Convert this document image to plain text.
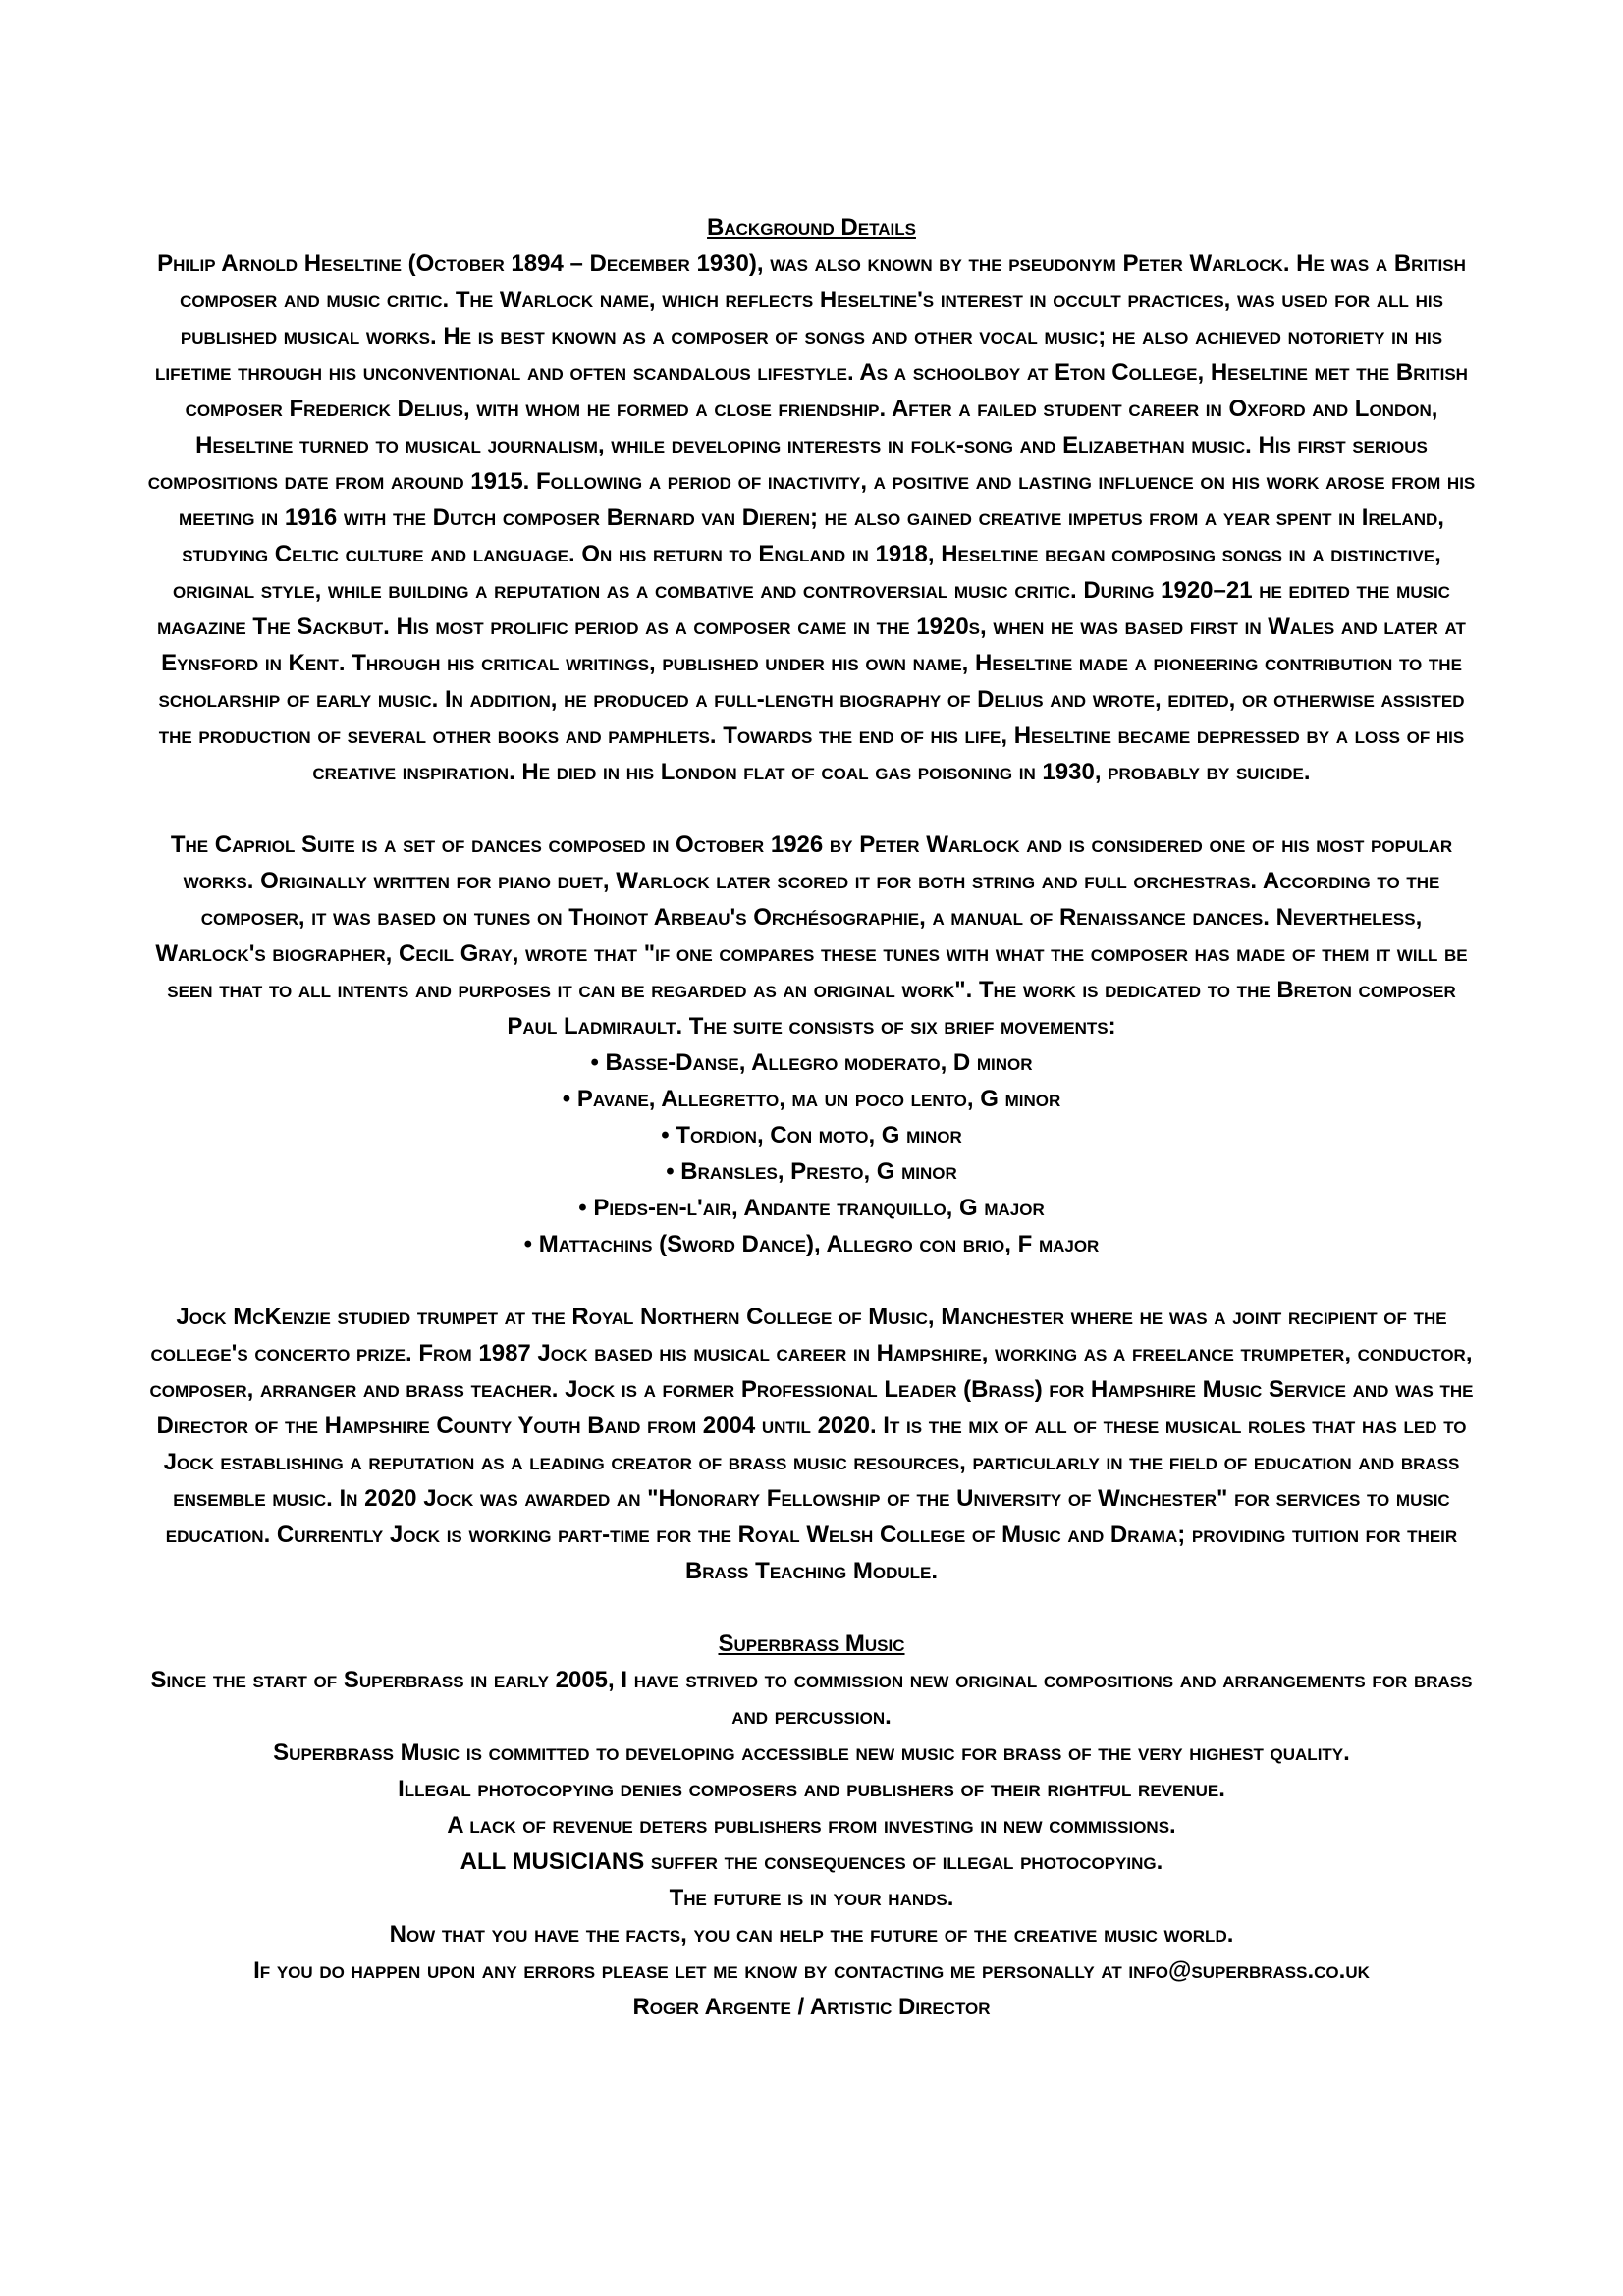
Background Details

Philip Arnold Heseltine (October 1894 – December 1930), was also known by the pseudonym Peter Warlock. He was a British composer and music critic. The Warlock name, which reflects Heseltine's interest in occult practices, was used for all his published musical works. He is best known as a composer of songs and other vocal music; he also achieved notoriety in his lifetime through his unconventional and often scandalous lifestyle. As a schoolboy at Eton College, Heseltine met the British composer Frederick Delius, with whom he formed a close friendship. After a failed student career in Oxford and London, Heseltine turned to musical journalism, while developing interests in folk-song and Elizabethan music. His first serious compositions date from around 1915. Following a period of inactivity, a positive and lasting influence on his work arose from his meeting in 1916 with the Dutch composer Bernard van Dieren; he also gained creative impetus from a year spent in Ireland, studying Celtic culture and language. On his return to England in 1918, Heseltine began composing songs in a distinctive, original style, while building a reputation as a combative and controversial music critic. During 1920–21 he edited the music magazine The Sackbut. His most prolific period as a composer came in the 1920s, when he was based first in Wales and later at Eynsford in Kent. Through his critical writings, published under his own name, Heseltine made a pioneering contribution to the scholarship of early music. In addition, he produced a full-length biography of Delius and wrote, edited, or otherwise assisted the production of several other books and pamphlets. Towards the end of his life, Heseltine became depressed by a loss of his creative inspiration. He died in his London flat of coal gas poisoning in 1930, probably by suicide.

The Capriol Suite is a set of dances composed in October 1926 by Peter Warlock and is considered one of his most popular works. Originally written for piano duet, Warlock later scored it for both string and full orchestras. According to the composer, it was based on tunes on Thoinot Arbeau's Orchésographie, a manual of Renaissance dances. Nevertheless, Warlock's biographer, Cecil Gray, wrote that "if one compares these tunes with what the composer has made of them it will be seen that to all intents and purposes it can be regarded as an original work". The work is dedicated to the Breton composer Paul Ladmirault. The suite consists of six brief movements:

• Basse-Danse, Allegro moderato, D minor
• Pavane, Allegretto, ma un poco lento, G minor
• Tordion, Con moto, G minor
• Bransles, Presto, G minor
• Pieds-en-l'air, Andante tranquillo, G major
• Mattachins (Sword Dance), Allegro con brio, F major

Jock McKenzie studied trumpet at the Royal Northern College of Music, Manchester where he was a joint recipient of the college's concerto prize. From 1987 Jock based his musical career in Hampshire, working as a freelance trumpeter, conductor, composer, arranger and brass teacher. Jock is a former Professional Leader (Brass) for Hampshire Music Service and was the Director of the Hampshire County Youth Band from 2004 until 2020. It is the mix of all of these musical roles that has led to Jock establishing a reputation as a leading creator of brass music resources, particularly in the field of education and brass ensemble music. In 2020 Jock was awarded an "Honorary Fellowship of the University of Winchester" for services to music education. Currently Jock is working part-time for the Royal Welsh College of Music and Drama; providing tuition for their Brass Teaching Module.

Superbrass Music

Since the start of Superbrass in early 2005, I have strived to commission new original compositions and arrangements for brass and percussion.

Superbrass Music is committed to developing accessible new music for brass of the very highest quality.

Illegal photocopying denies composers and publishers of their rightful revenue.

A lack of revenue deters publishers from investing in new commissions.

ALL MUSICIANS suffer the consequences of illegal photocopying.

The future is in your hands.

Now that you have the facts, you can help the future of the creative music world.

If you do happen upon any errors please let me know by contacting me personally at info@superbrass.co.uk

Roger Argente / Artistic Director
